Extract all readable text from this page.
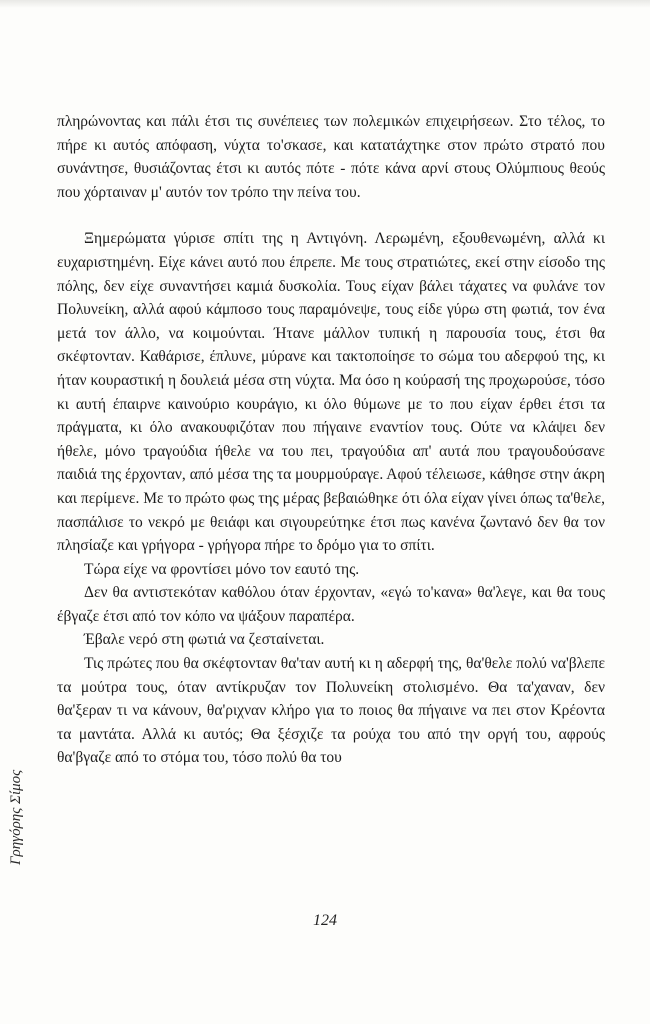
πληρώνοντας και πάλι έτσι τις συνέπειες των πολεμικών επιχειρήσεων. Στο τέλος, το πήρε κι αυτός απόφαση, νύχτα το'σκασε, και κατατάχτηκε στον πρώτο στρατό που συνάντησε, θυσιάζοντας έτσι κι αυτός πότε - πότε κάνα αρνί στους Ολύμπιους θεούς που χόρταιναν μ' αυτόν τον τρόπο την πείνα του.

Ξημερώματα γύρισε σπίτι της η Αντιγόνη. Λερωμένη, εξουθενωμένη, αλλά κι ευχαριστημένη. Είχε κάνει αυτό που έπρεπε. Με τους στρατιώτες, εκεί στην είσοδο της πόλης, δεν είχε συναντήσει καμιά δυσκολία. Τους είχαν βάλει τάχατες να φυλάνε τον Πολυνείκη, αλλά αφού κάμποσο τους παραμόνεψε, τους είδε γύρω στη φωτιά, τον ένα μετά τον άλλο, να κοιμούνται. Ήτανε μάλλον τυπική η παρουσία τους, έτσι θα σκέφτονταν. Καθάρισε, έπλυνε, μύρανε και τακτοποίησε το σώμα του αδερφού της, κι ήταν κουραστική η δουλειά μέσα στη νύχτα. Μα όσο η κούρασή της προχωρούσε, τόσο κι αυτή έπαιρνε καινούριο κουράγιο, κι όλο θύμωνε με το που είχαν έρθει έτσι τα πράγματα, κι όλο ανακουφιζόταν που πήγαινε εναντίον τους. Ούτε να κλάψει δεν ήθελε, μόνο τραγούδια ήθελε να του πει, τραγούδια απ' αυτά που τραγουδούσανε παιδιά της έρχονταν, από μέσα της τα μουρμούραγε. Αφού τέλειωσε, κάθησε στην άκρη και περίμενε. Με το πρώτο φως της μέρας βεβαιώθηκε ότι όλα είχαν γίνει όπως τα'θελε, πασπάλισε το νεκρό με θειάφι και σιγουρεύτηκε έτσι πως κανένα ζωντανό δεν θα τον πλησίαζε και γρήγορα - γρήγορα πήρε το δρόμο για το σπίτι.

Τώρα είχε να φροντίσει μόνο τον εαυτό της.

Δεν θα αντιστεκόταν καθόλου όταν έρχονταν, «εγώ το'κανα» θα'λεγε, και θα τους έβγαζε έτσι από τον κόπο να ψάξουν παραπέρα.

Έβαλε νερό στη φωτιά να ζεσταίνεται.

Τις πρώτες που θα σκέφτονταν θα'ταν αυτή κι η αδερφή της, θα'θελε πολύ να'βλεπε τα μούτρα τους, όταν αντίκρυζαν τον Πολυνείκη στολισμένο. Θα τα'χαναν, δεν θα'ξεραν τι να κάνουν, θα'ριχναν κλήρο για το ποιος θα πήγαινε να πει στον Κρέοντα τα μαντάτα. Αλλά κι αυτός; Θα ξέσχιζε τα ρούχα του από την οργή του, αφρούς θα'βγαζε από το στόμα του, τόσο πολύ θα του

Γρηγόρης Σίμος
124
